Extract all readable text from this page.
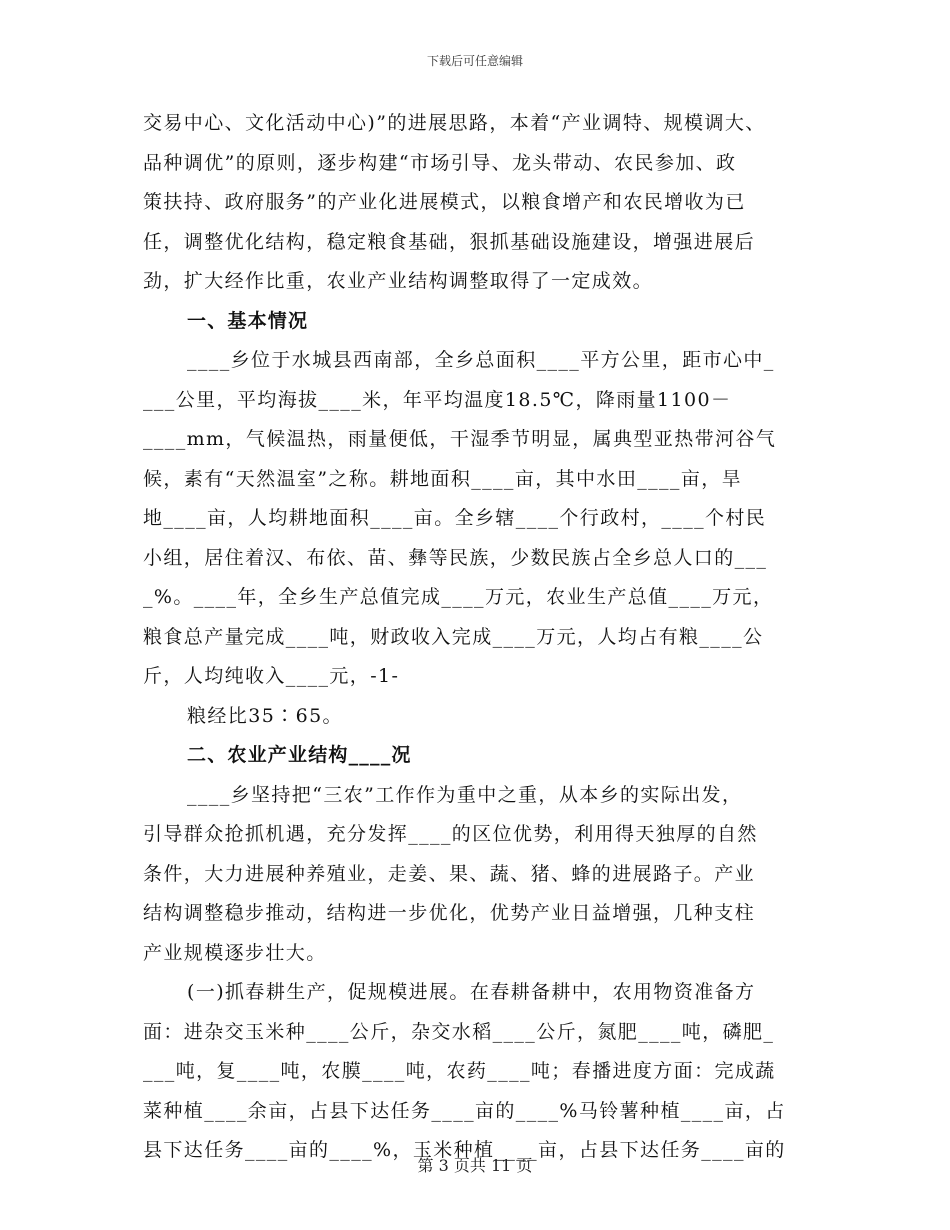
下载后可任意编辑
交易中心、文化活动中心)”的进展思路，本着“产业调特、规模调大、
品种调优”的原则，逐步构建“市场引导、龙头带动、农民参加、政
策扶持、政府服务”的产业化进展模式，以粮食增产和农民增收为已
任，调整优化结构，稳定粮食基础，狠抓基础设施建设，增强进展后
劲，扩大经作比重，农业产业结构调整取得了一定成效。
一、基本情况
____乡位于水城县西南部，全乡总面积____平方公里，距市心中_
___公里，平均海拔____米，年平均温度18.5℃，降雨量1100－
____mm，气候温热，雨量便低，干湿季节明显，属典型亚热带河谷气
候，素有“天然温室”之称。耕地面积____亩，其中水田____亩，旱
地____亩，人均耕地面积____亩。全乡辖____个行政村，____个村民
小组，居住着汉、布依、苗、彝等民族，少数民族占全乡总人口的___
_%。____年，全乡生产总值完成____万元，农业生产总值____万元，
粮食总产量完成____吨，财政收入完成____万元，人均占有粮____公
斤，人均纯收入____元，-1-
粮经比35∶65。
二、农业产业结构____况
____乡坚持把“三农”工作作为重中之重，从本乡的实际出发，
引导群众抢抓机遇，充分发挥____的区位优势，利用得天独厚的自然
条件，大力进展种养殖业，走姜、果、蔬、猪、蜂的进展路子。产业
结构调整稳步推动，结构进一步优化，优势产业日益增强，几种支柱
产业规模逐步壮大。
(一)抓春耕生产，促规模进展。在春耕备耕中，农用物资准备方
面：进杂交玉米种____公斤，杂交水稻____公斤，氮肥____吨，磷肥_
___吨，复____吨，农膜____吨，农药____吨；春播进度方面：完成蔬
菜种植____余亩，占县下达任务____亩的____%马铃薯种植____亩，占
县下达任务____亩的____%，玉米种植____亩，占县下达任务____亩的
第 3 页共 11 页
